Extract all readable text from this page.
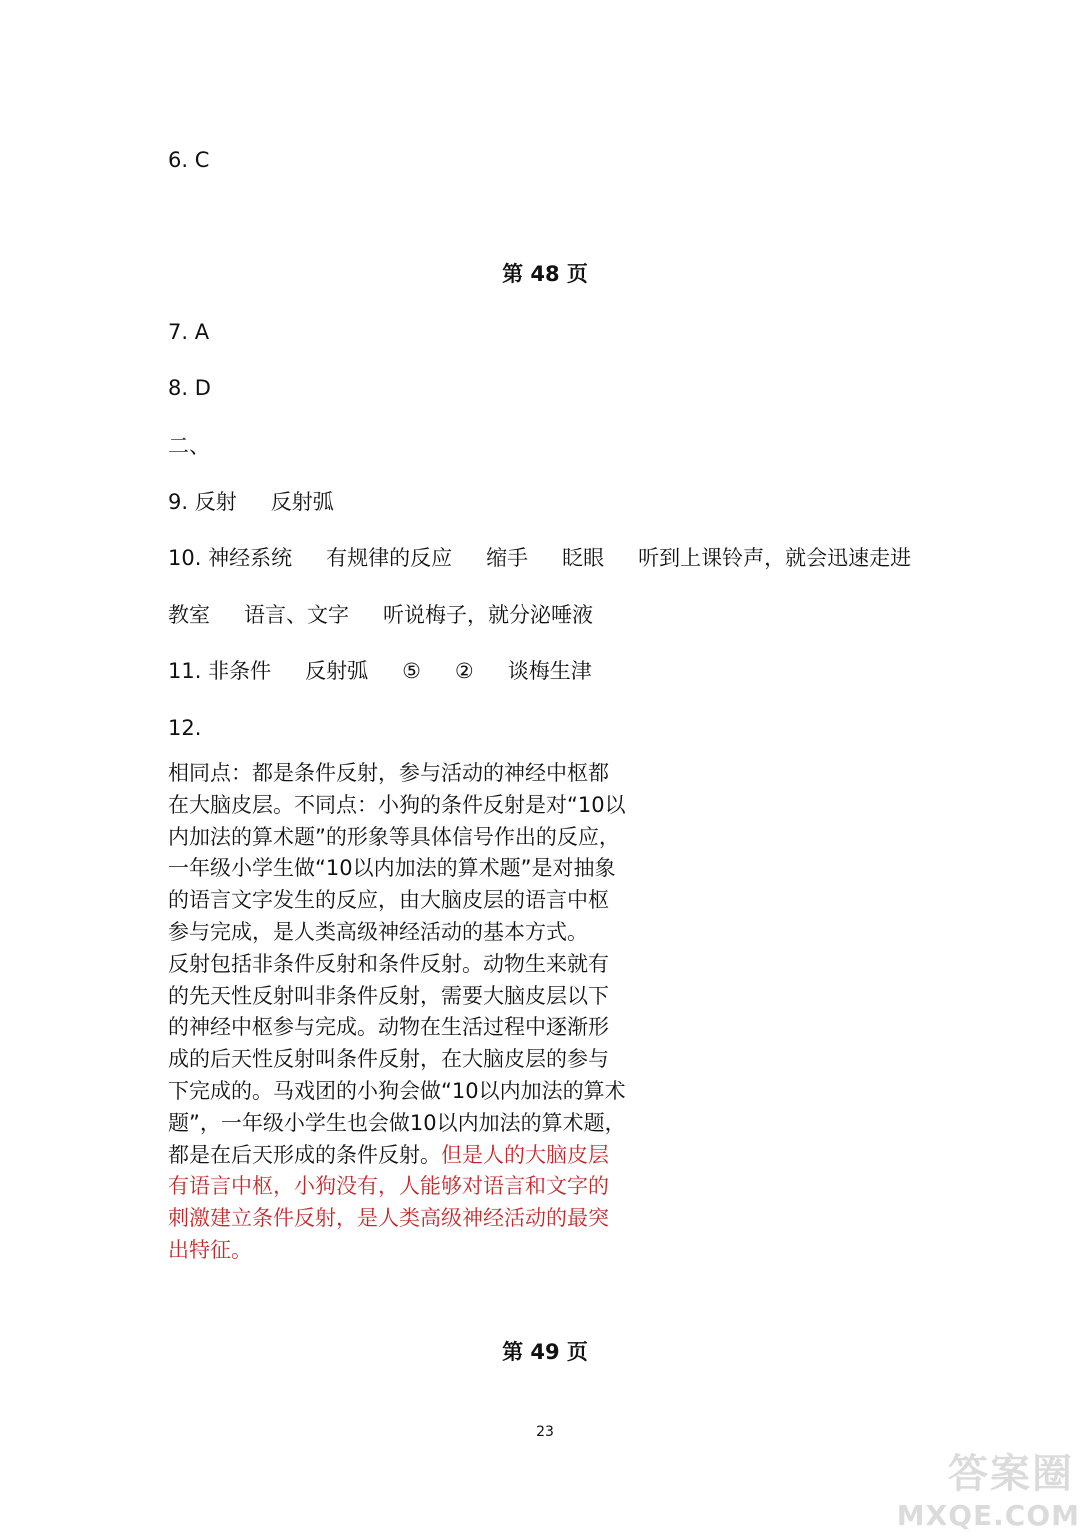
6. C
第 48 页
7. A
8. D
二、
9. 反射 反射弧
10. 神经系统 有规律的反应 缩手 眨眼 听到上课铃声，就会迅速走进
教室 语言、文字 听说梅子，就分泌唾液
11. 非条件 反射弧 ⑤ ② 谈梅生津
12.
相同点：都是条件反射，参与活动的神经中枢都
在大脑皮层。不同点：小狗的条件反射是对“10以
内加法的算术题”的形象等具体信号作出的反应，
一年级小学生做“10以内加法的算术题”是对抽象
的语言文字发生的反应，由大脑皮层的语言中枢
参与完成，是人类高级神经活动的基本方式。
反射包括非条件反射和条件反射。动物生来就有
的先天性反射叫非条件反射，需要大脑皮层以下
的神经中枢参与完成。动物在生活过程中逐渐形
成的后天性反射叫条件反射，在大脑皮层的参与
下完成的。马戏团的小狗会做“10以内加法的算术
题”，一年级小学生也会做10以内加法的算术题，
都是在后天形成的条件反射。但是人的大脑皮层
有语言中枢，小狗没有，人能够对语言和文字的
刺激建立条件反射，是人类高级神经活动的最突
出特征。
第 49 页
23
答案圈
MXQE.COM
